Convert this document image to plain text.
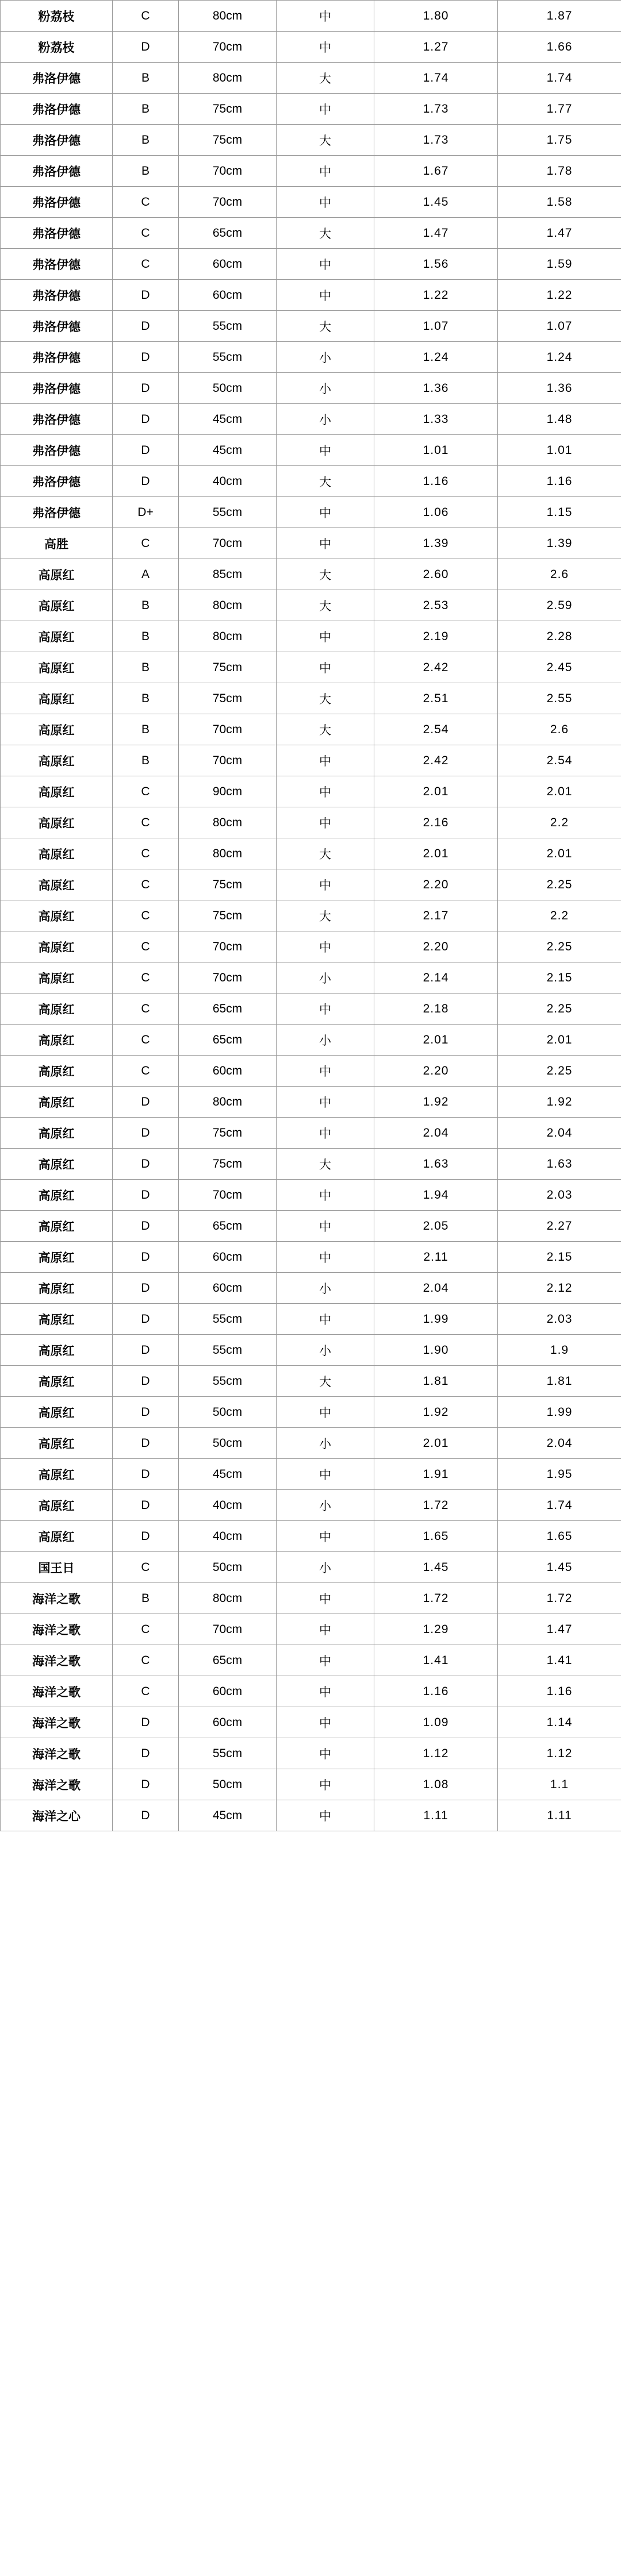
粉荔枝	C	80cm	中	1.80	1.87
粉荔枝	D	70cm	中	1.27	1.66
弗洛伊德	B	80cm	大	1.74	1.74
弗洛伊德	B	75cm	中	1.73	1.77
弗洛伊德	B	75cm	大	1.73	1.75
弗洛伊德	B	70cm	中	1.67	1.78
弗洛伊德	C	70cm	中	1.45	1.58
弗洛伊德	C	65cm	大	1.47	1.47
弗洛伊德	C	60cm	中	1.56	1.59
弗洛伊德	D	60cm	中	1.22	1.22
弗洛伊德	D	55cm	大	1.07	1.07
弗洛伊德	D	55cm	小	1.24	1.24
弗洛伊德	D	50cm	小	1.36	1.36
弗洛伊德	D	45cm	小	1.33	1.48
弗洛伊德	D	45cm	中	1.01	1.01
弗洛伊德	D	40cm	大	1.16	1.16
弗洛伊德	D+	55cm	中	1.06	1.15
高胜	C	70cm	中	1.39	1.39
高原红	A	85cm	大	2.60	2.6
高原红	B	80cm	大	2.53	2.59
高原红	B	80cm	中	2.19	2.28
高原红	B	75cm	中	2.42	2.45
高原红	B	75cm	大	2.51	2.55
高原红	B	70cm	大	2.54	2.6
高原红	B	70cm	中	2.42	2.54
高原红	C	90cm	中	2.01	2.01
高原红	C	80cm	中	2.16	2.2
高原红	C	80cm	大	2.01	2.01
高原红	C	75cm	中	2.20	2.25
高原红	C	75cm	大	2.17	2.2
高原红	C	70cm	中	2.20	2.25
高原红	C	70cm	小	2.14	2.15
高原红	C	65cm	中	2.18	2.25
高原红	C	65cm	小	2.01	2.01
高原红	C	60cm	中	2.20	2.25
高原红	D	80cm	中	1.92	1.92
高原红	D	75cm	中	2.04	2.04
高原红	D	75cm	大	1.63	1.63
高原红	D	70cm	中	1.94	2.03
高原红	D	65cm	中	2.05	2.27
高原红	D	60cm	中	2.11	2.15
高原红	D	60cm	小	2.04	2.12
高原红	D	55cm	中	1.99	2.03
高原红	D	55cm	小	1.90	1.9
高原红	D	55cm	大	1.81	1.81
高原红	D	50cm	中	1.92	1.99
高原红	D	50cm	小	2.01	2.04
高原红	D	45cm	中	1.91	1.95
高原红	D	40cm	小	1.72	1.74
高原红	D	40cm	中	1.65	1.65
国王日	C	50cm	小	1.45	1.45
海洋之歌	B	80cm	中	1.72	1.72
海洋之歌	C	70cm	中	1.29	1.47
海洋之歌	C	65cm	中	1.41	1.41
海洋之歌	C	60cm	中	1.16	1.16
海洋之歌	D	60cm	中	1.09	1.14
海洋之歌	D	55cm	中	1.12	1.12
海洋之歌	D	50cm	中	1.08	1.1
海洋之心	D	45cm	中	1.11	1.11
